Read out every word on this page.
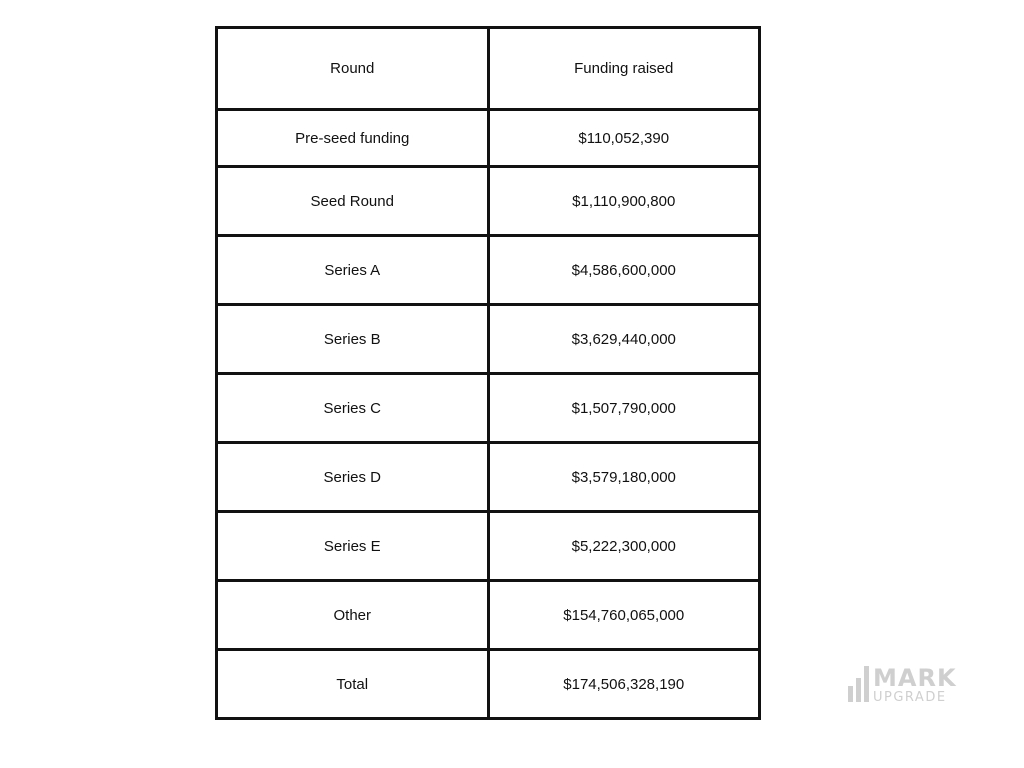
Round	Funding raised
Pre-seed funding	$110,052,390
Seed Round	$1,110,900,800
Series A	$4,586,600,000
Series B	$3,629,440,000
Series C	$1,507,790,000
Series D	$3,579,180,000
Series E	$5,222,300,000
Other	$154,760,065,000
Total	$174,506,328,190	MARK
UPGRADE
